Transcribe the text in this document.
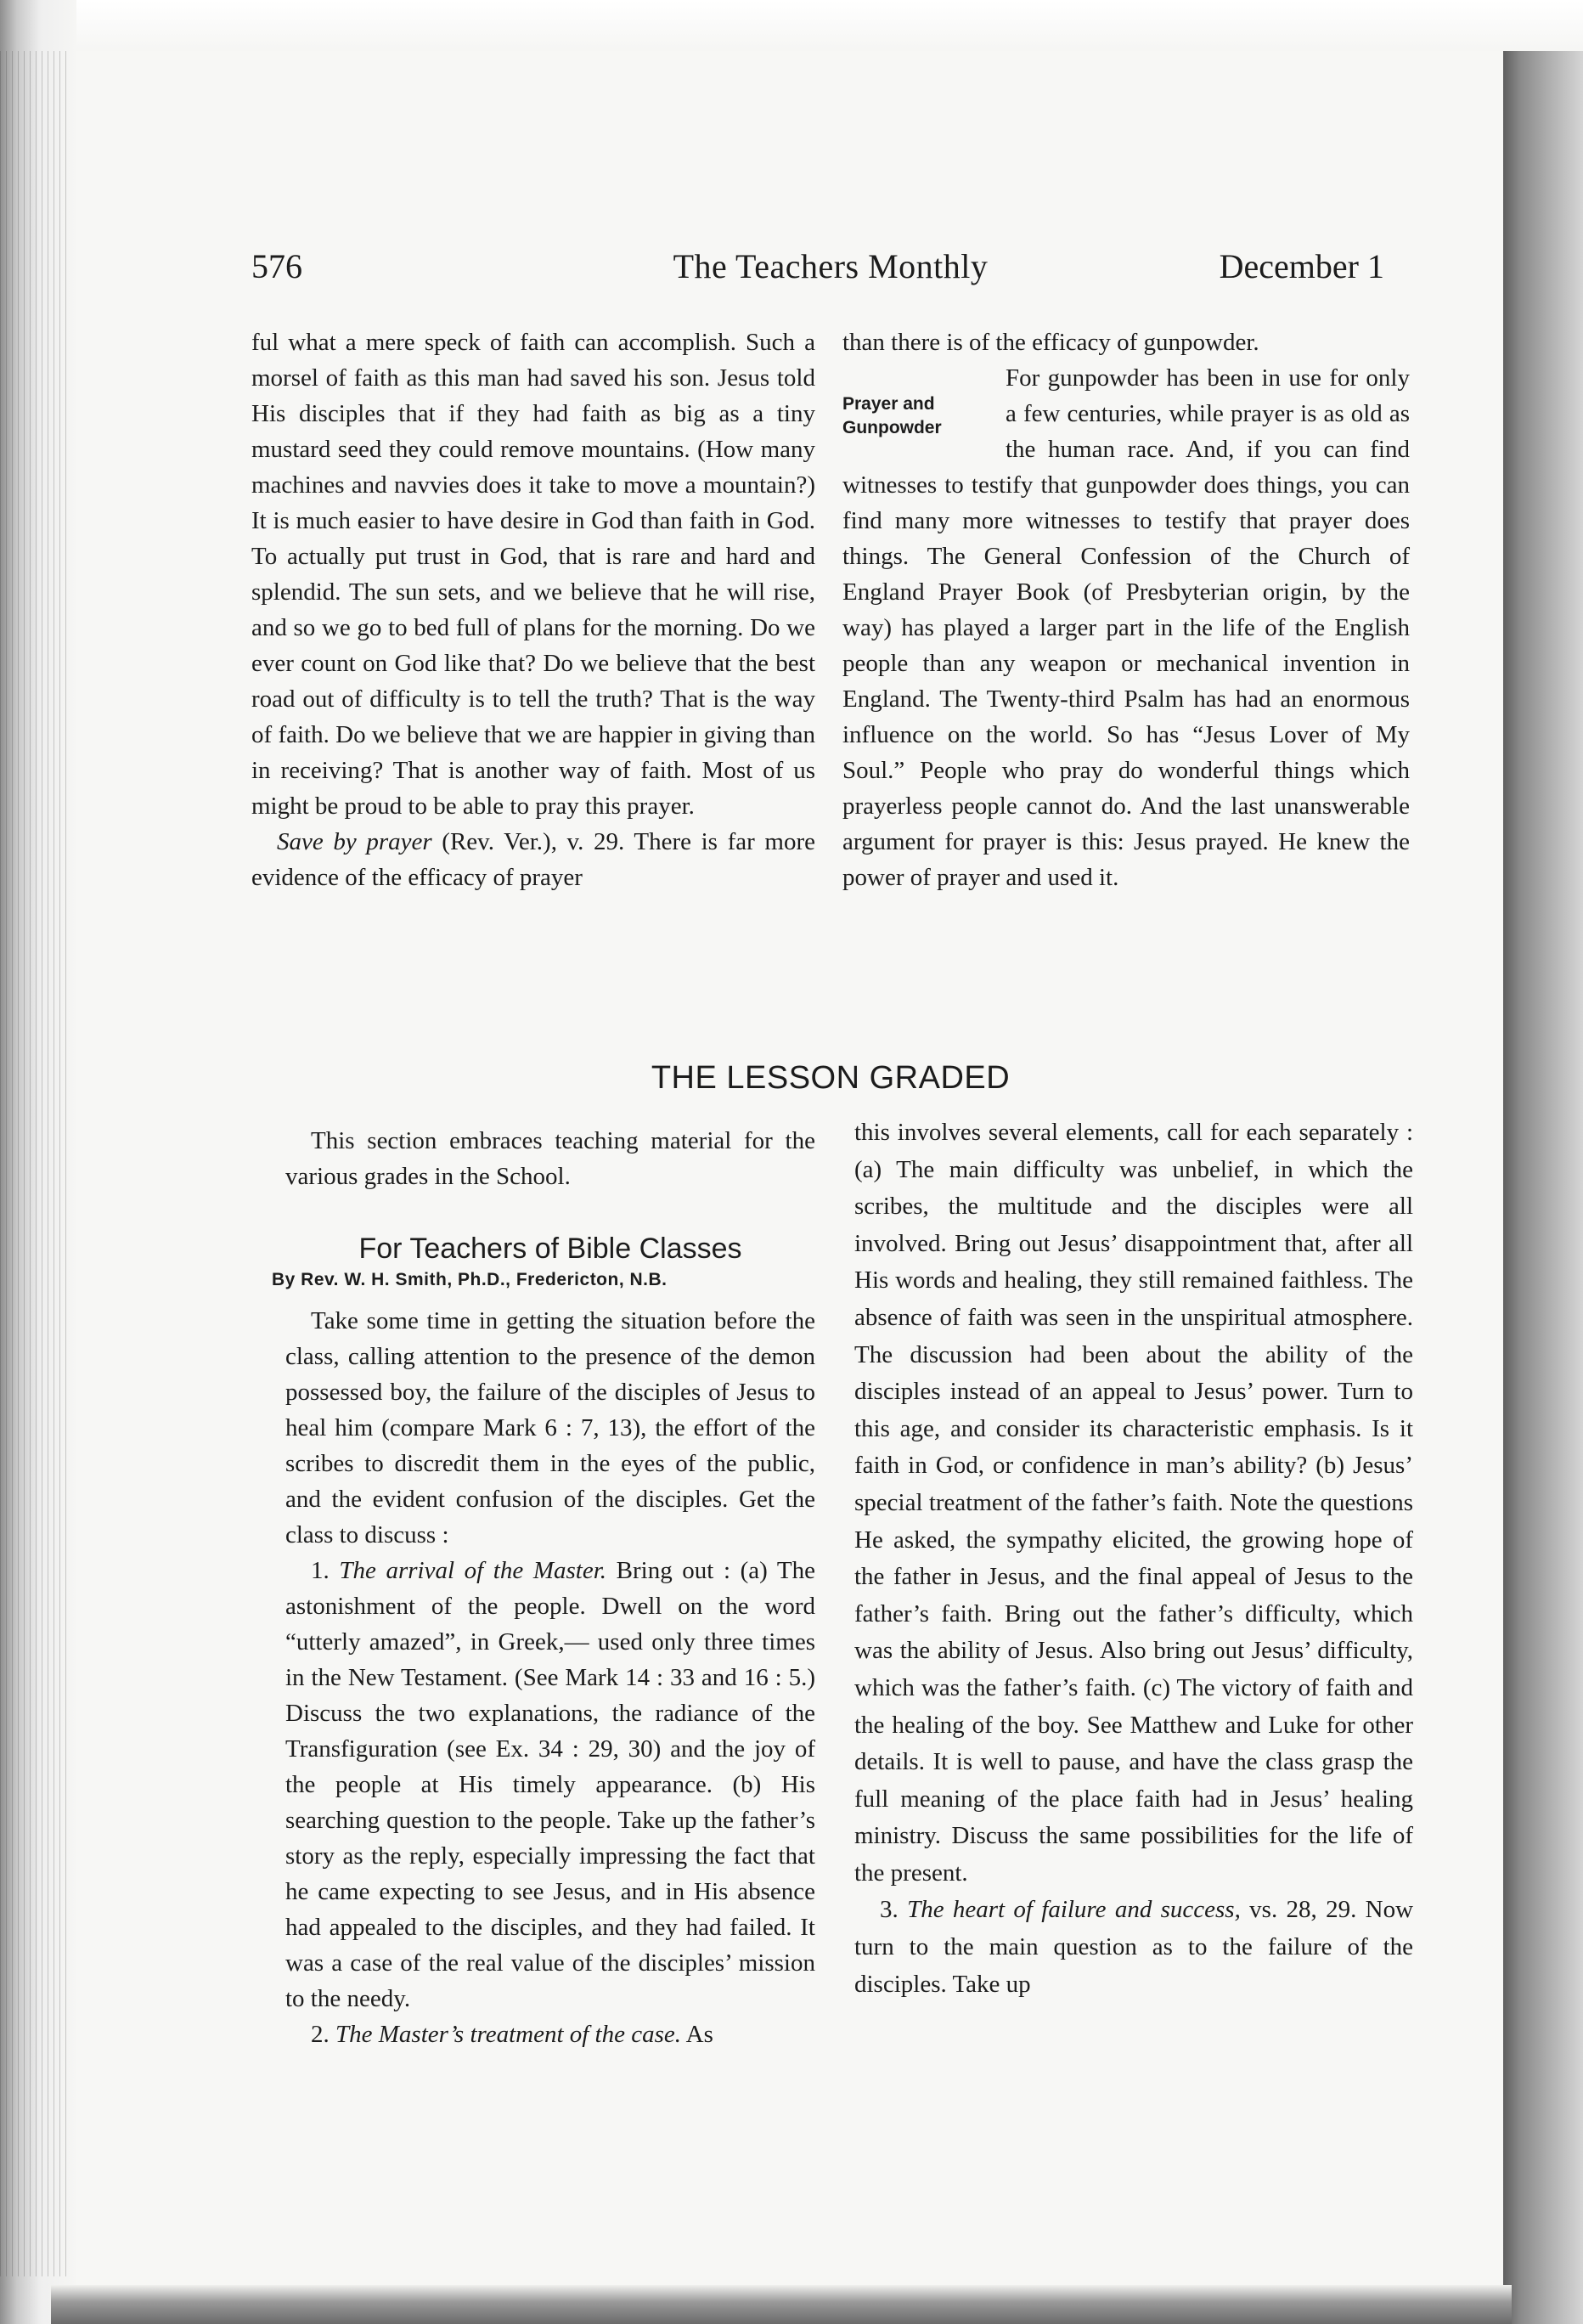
576	The Teachers Monthly	December 1

ful what a mere speck of faith can accomplish. Such a morsel of faith as this man had saved his son. Jesus told His disciples that if they had faith as big as a tiny mustard seed they could remove mountains. (How many machines and navvies does it take to move a mountain?) It is much easier to have desire in God than faith in God. To actually put trust in God, that is rare and hard and splendid. The sun sets, and we believe that he will rise, and so we go to bed full of plans for the morning. Do we ever count on God like that? Do we believe that the best road out of difficulty is to tell the truth? That is the way of faith. Do we believe that we are happier in giving than in receiving? That is another way of faith. Most of us might be proud to be able to pray this prayer.

Save by prayer (Rev. Ver.), v. 29. There is far more evidence of the efficacy of prayer

than there is of the efficacy of gunpowder.

Prayer and Gunpowder

For gunpowder has been in use for only a few centuries, while prayer is as old as the human race. And, if you can find witnesses to testify that gunpowder does things, you can find many more witnesses to testify that prayer does things. The General Confession of the Church of England Prayer Book (of Presbyterian origin, by the way) has played a larger part in the life of the English people than any weapon or mechanical invention in England. The Twenty-third Psalm has had an enormous influence on the world. So has “Jesus Lover of My Soul.” People who pray do wonderful things which prayerless people cannot do. And the last unanswerable argument for prayer is this: Jesus prayed. He knew the power of prayer and used it.

THE LESSON GRADED

This section embraces teaching material for the various grades in the School.

For Teachers of Bible Classes
By Rev. W. H. Smith, Ph.D., Fredericton, N.B.

Take some time in getting the situation before the class, calling attention to the presence of the demon possessed boy, the failure of the disciples of Jesus to heal him (compare Mark 6 : 7, 13), the effort of the scribes to discredit them in the eyes of the public, and the evident confusion of the disciples. Get the class to discuss :

1. The arrival of the Master. Bring out : (a) The astonishment of the people. Dwell on the word “utterly amazed”, in Greek,— used only three times in the New Testament. (See Mark 14 : 33 and 16 : 5.) Discuss the two explanations, the radiance of the Transfiguration (see Ex. 34 : 29, 30) and the joy of the people at His timely appearance. (b) His searching question to the people. Take up the father’s story as the reply, especially impressing the fact that he came expecting to see Jesus, and in His absence had appealed to the disciples, and they had failed. It was a case of the real value of the disciples’ mission to the needy.

2. The Master’s treatment of the case. As

this involves several elements, call for each separately : (a) The main difficulty was unbelief, in which the scribes, the multitude and the disciples were all involved. Bring out Jesus’ disappointment that, after all His words and healing, they still remained faithless. The absence of faith was seen in the unspiritual atmosphere. The discussion had been about the ability of the disciples instead of an appeal to Jesus’ power. Turn to this age, and consider its characteristic emphasis. Is it faith in God, or confidence in man’s ability? (b) Jesus’ special treatment of the father’s faith. Note the questions He asked, the sympathy elicited, the growing hope of the father in Jesus, and the final appeal of Jesus to the father’s faith. Bring out the father’s difficulty, which was the ability of Jesus. Also bring out Jesus’ difficulty, which was the father’s faith. (c) The victory of faith and the healing of the boy. See Matthew and Luke for other details. It is well to pause, and have the class grasp the full meaning of the place faith had in Jesus’ healing ministry. Discuss the same possibilities for the life of the present.

3. The heart of failure and success, vs. 28, 29. Now turn to the main question as to the failure of the disciples. Take up
